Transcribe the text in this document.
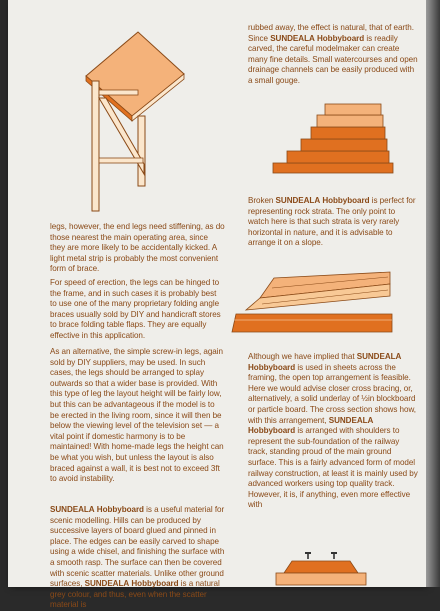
legs, however, the end legs need stiffening, as do those nearest the main operating area, since they are more likely to be accidentally kicked. A light metal strip is probably the most convenient form of brace.

For speed of erection, the legs can be hinged to the frame, and in such cases it is probably best to use one of the many proprietary folding angle braces usually sold by DIY and handicraft stores to brace folding table flaps. They are equally effective in this application.

As an alternative, the simple screw-in legs, again sold by DIY suppliers, may be used. In such cases, the legs should be arranged to splay outwards so that a wider base is provided. With this type of leg the layout height will be fairly low, but this can be advantageous if the model is to be erected in the living room, since it will then be below the viewing level of the television set — a vital point if domestic harmony is to be maintained! With home-made legs the height can be what you wish, but unless the layout is also braced against a wall, it is best not to exceed 3ft to avoid instability.

SUNDEALA Hobbyboard is a useful material for scenic modelling. Hills can be produced by successive layers of board glued and pinned in place. The edges can be easily carved to shape using a wide chisel, and finishing the surface with a smooth rasp. The surface can then be covered with scenic scatter materials. Unlike other ground surfaces, SUNDEALA Hobbyboard is a natural grey colour, and thus, even when the scatter material is

rubbed away, the effect is natural, that of earth. Since SUNDEALA Hobbyboard is readily carved, the careful modelmaker can create many fine details. Small watercourses and open drainage channels can be easily produced with a small gouge.

Broken SUNDEALA Hobbyboard is perfect for representing rock strata. The only point to watch here is that such strata is very rarely horizontal in nature, and it is advisable to arrange it on a slope.

Although we have implied that SUNDEALA Hobbyboard is used in sheets across the framing, the open top arrangement is feasible. Here we would advise closer cross bracing, or, alternatively, a solid underlay of ½in blockboard or particle board. The cross section shows how, with this arrangement, SUNDEALA Hobbyboard is arranged with shoulders to represent the sub-foundation of the railway track, standing proud of the main ground surface. This is a fairly advanced form of model railway construction, at least it is mainly used by advanced workers using top quality track. However, it is, if anything, even more effective with
